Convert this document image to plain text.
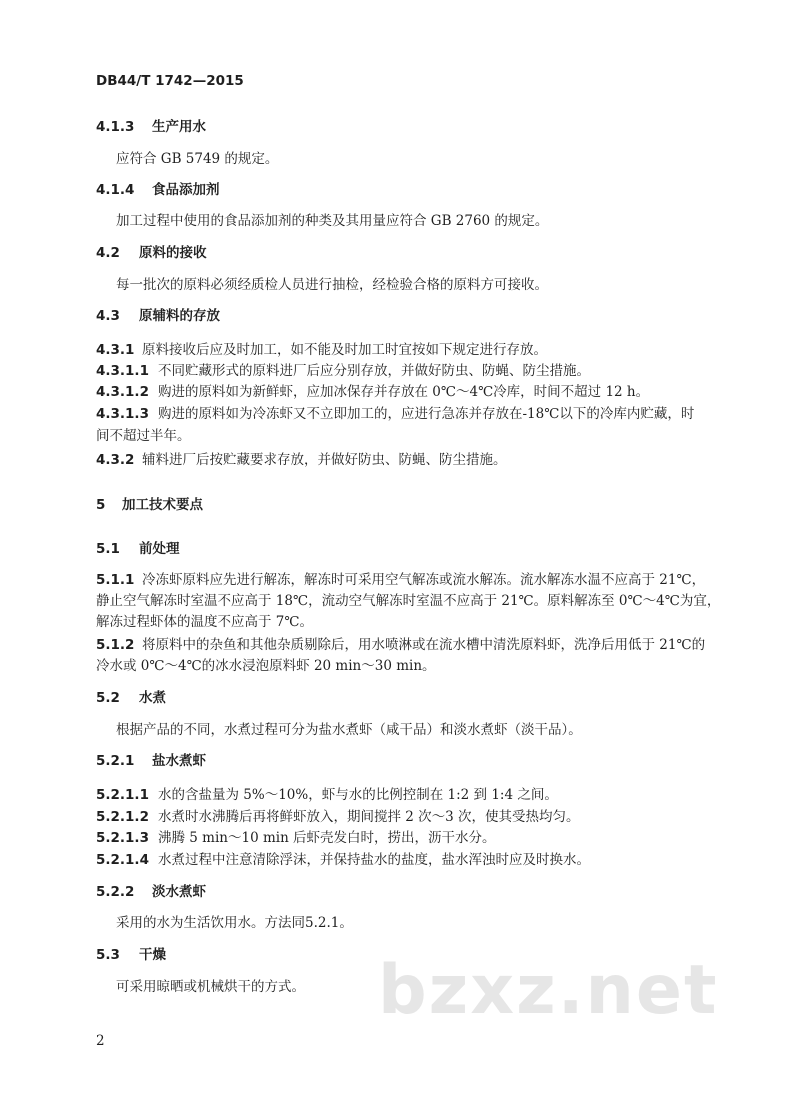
DB44/T 1742—2015
4.1.3 生产用水
应符合 GB 5749 的规定。
4.1.4 食品添加剂
加工过程中使用的食品添加剂的种类及其用量应符合 GB 2760 的规定。
4.2 原料的接收
每一批次的原料必须经质检人员进行抽检，经检验合格的原料方可接收。
4.3 原辅料的存放
4.3.1 原料接收后应及时加工，如不能及时加工时宜按如下规定进行存放。
4.3.1.1 不同贮藏形式的原料进厂后应分别存放，并做好防虫、防蝇、防尘措施。
4.3.1.2 购进的原料如为新鲜虾，应加冰保存并存放在 0℃～4℃冷库，时间不超过 12 h。
4.3.1.3 购进的原料如为冷冻虾又不立即加工的，应进行急冻并存放在-18℃以下的冷库内贮藏，时
间不超过半年。
4.3.2 辅料进厂后按贮藏要求存放，并做好防虫、防蝇、防尘措施。
5 加工技术要点
5.1 前处理
5.1.1 冷冻虾原料应先进行解冻，解冻时可采用空气解冻或流水解冻。流水解冻水温不应高于 21℃，
静止空气解冻时室温不应高于 18℃，流动空气解冻时室温不应高于 21℃。原料解冻至 0℃～4℃为宜，
解冻过程虾体的温度不应高于 7℃。
5.1.2 将原料中的杂鱼和其他杂质剔除后，用水喷淋或在流水槽中清洗原料虾，洗净后用低于 21℃的
冷水或 0℃～4℃的冰水浸泡原料虾 20 min～30 min。
5.2 水煮
根据产品的不同，水煮过程可分为盐水煮虾（咸干品）和淡水煮虾（淡干品）。
5.2.1 盐水煮虾
5.2.1.1 水的含盐量为 5%～10%，虾与水的比例控制在 1:2 到 1:4 之间。
5.2.1.2 水煮时水沸腾后再将鲜虾放入，期间搅拌 2 次～3 次，使其受热均匀。
5.2.1.3 沸腾 5 min～10 min 后虾壳发白时，捞出，沥干水分。
5.2.1.4 水煮过程中注意清除浮沫，并保持盐水的盐度，盐水浑浊时应及时换水。
5.2.2 淡水煮虾
采用的水为生活饮用水。方法同5.2.1。
5.3 干燥
可采用晾晒或机械烘干的方式。 bzxz.net
2
